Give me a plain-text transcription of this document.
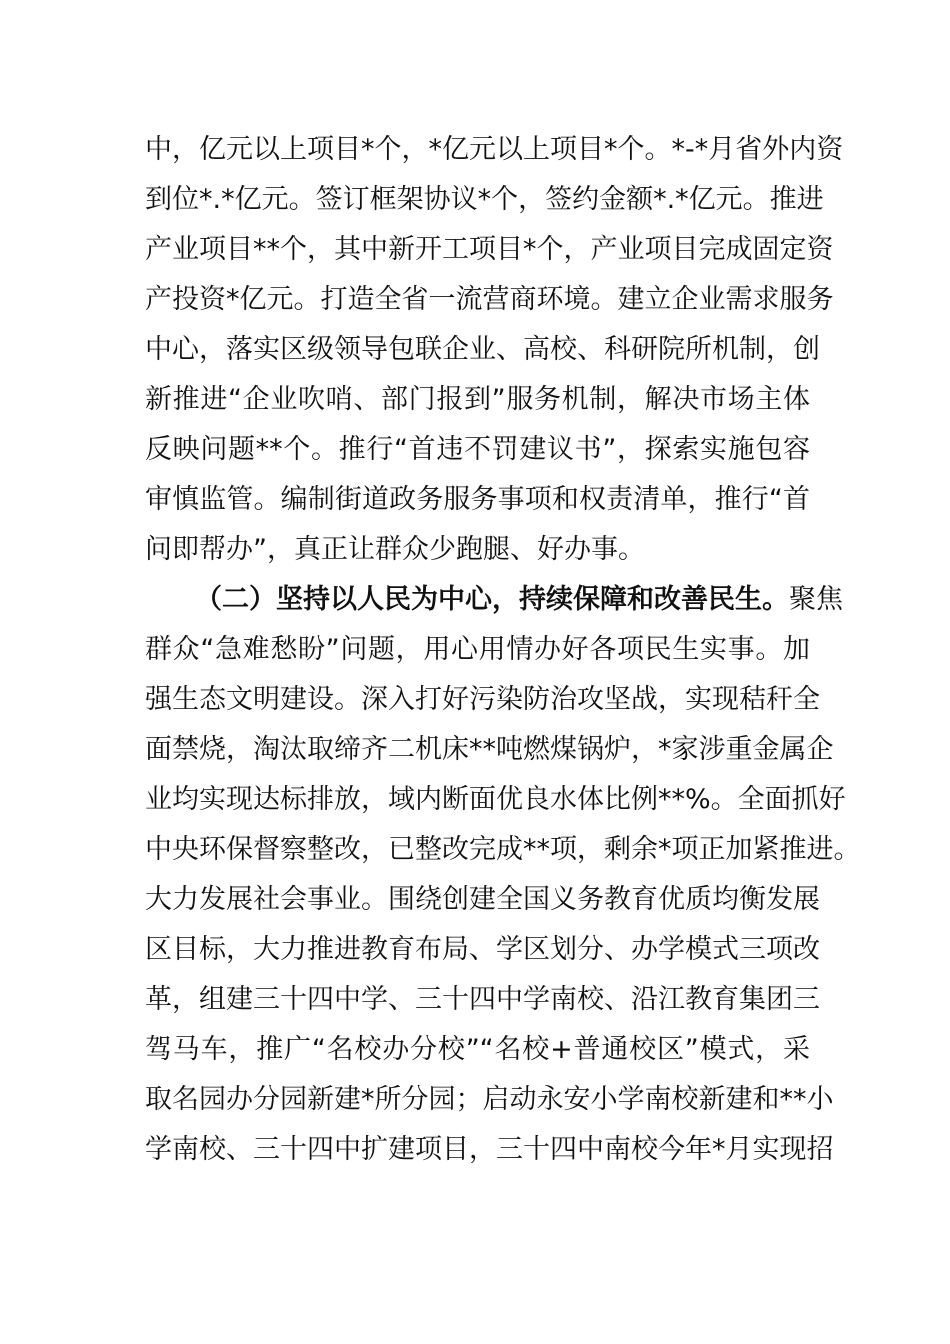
中，亿元以上项目*个，*亿元以上项目*个。*-*月省外内资
到位*.*亿元。签订框架协议*个，签约金额*.*亿元。推进
产业项目**个，其中新开工项目*个，产业项目完成固定资
产投资*亿元。打造全省一流营商环境。建立企业需求服务
中心，落实区级领导包联企业、高校、科研院所机制，创
新推进“企业吹哨、部门报到”服务机制，解决市场主体
反映问题**个。推行“首违不罚建议书”，探索实施包容
审慎监管。编制街道政务服务事项和权责清单，推行“首
问即帮办”，真正让群众少跑腿、好办事。
（二）坚持以人民为中心，持续保障和改善民生。聚焦
群众“急难愁盼”问题，用心用情办好各项民生实事。加
强生态文明建设。深入打好污染防治攻坚战，实现秸秆全
面禁烧，淘汰取缔齐二机床**吨燃煤锅炉，*家涉重金属企
业均实现达标排放，域内断面优良水体比例**%。全面抓好
中央环保督察整改，已整改完成**项，剩余*项正加紧推进。
大力发展社会事业。围绕创建全国义务教育优质均衡发展
区目标，大力推进教育布局、学区划分、办学模式三项改
革，组建三十四中学、三十四中学南校、沿江教育集团三
驾马车，推广“名校办分校”“名校+普通校区”模式，采
取名园办分园新建*所分园；启动永安小学南校新建和**小
学南校、三十四中扩建项目，三十四中南校今年*月实现招
